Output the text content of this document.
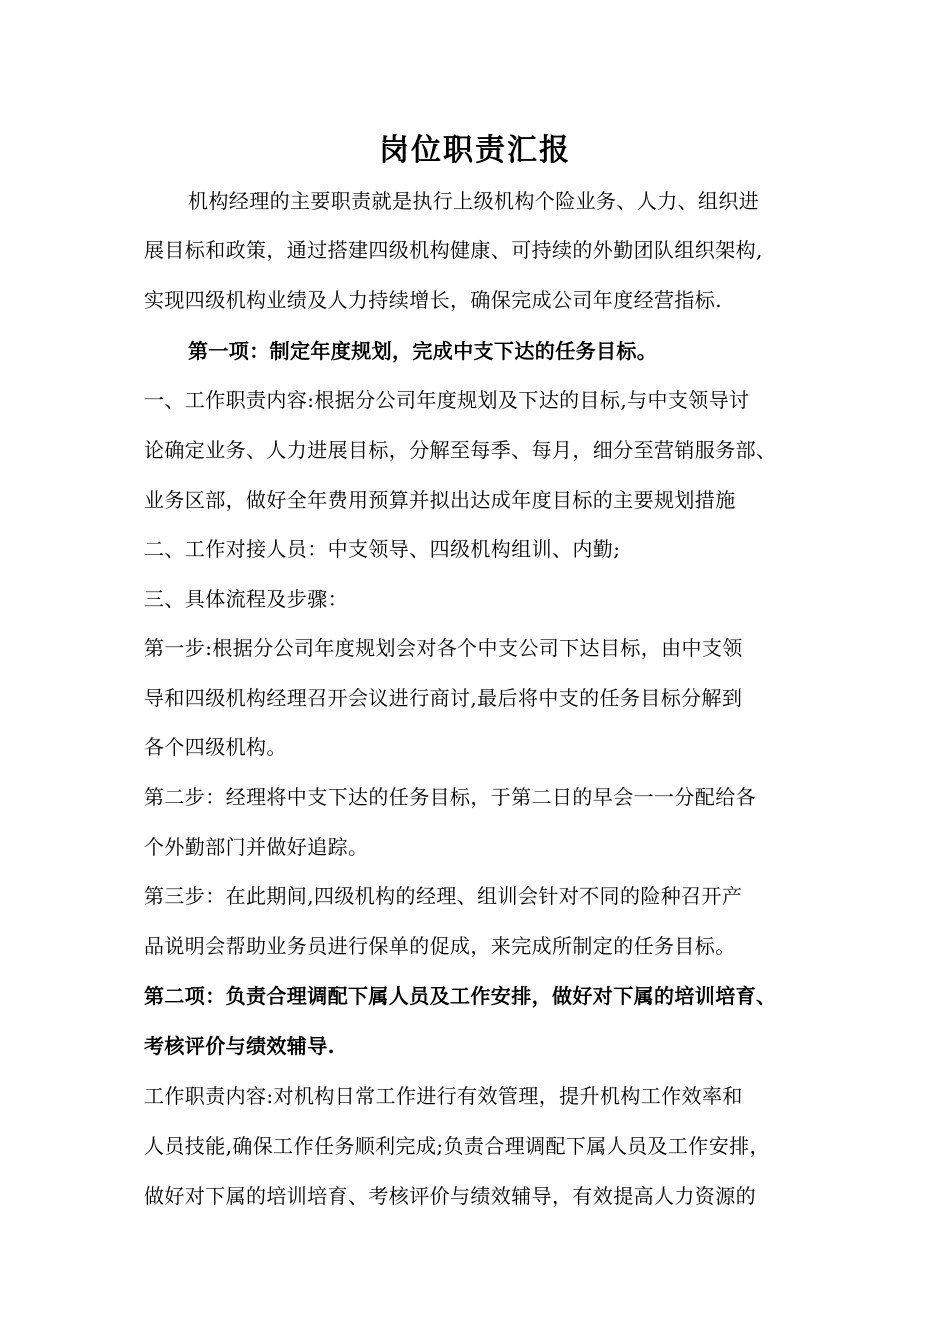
岗位职责汇报
机构经理的主要职责就是执行上级机构个险业务、人力、组织进
展目标和政策，通过搭建四级机构健康、可持续的外勤团队组织架构,
实现四级机构业绩及人力持续增长，确保完成公司年度经营指标.
第一项：制定年度规划，完成中支下达的任务目标。
一、工作职责内容:根据分公司年度规划及下达的目标,与中支领导讨
论确定业务、人力进展目标，分解至每季、每月，细分至营销服务部、
业务区部，做好全年费用预算并拟出达成年度目标的主要规划措施
二、工作对接人员：中支领导、四级机构组训、内勤;
三、具体流程及步骤：
第一步:根据分公司年度规划会对各个中支公司下达目标，由中支领
导和四级机构经理召开会议进行商讨,最后将中支的任务目标分解到
各个四级机构。
第二步：经理将中支下达的任务目标，于第二日的早会一一分配给各
个外勤部门并做好追踪。
第三步：在此期间,四级机构的经理、组训会针对不同的险种召开产
品说明会帮助业务员进行保单的促成，来完成所制定的任务目标。
第二项：负责合理调配下属人员及工作安排，做好对下属的培训培育、
考核评价与绩效辅导.
工作职责内容:对机构日常工作进行有效管理，提升机构工作效率和
人员技能,确保工作任务顺利完成;负责合理调配下属人员及工作安排，
做好对下属的培训培育、考核评价与绩效辅导，有效提高人力资源的
